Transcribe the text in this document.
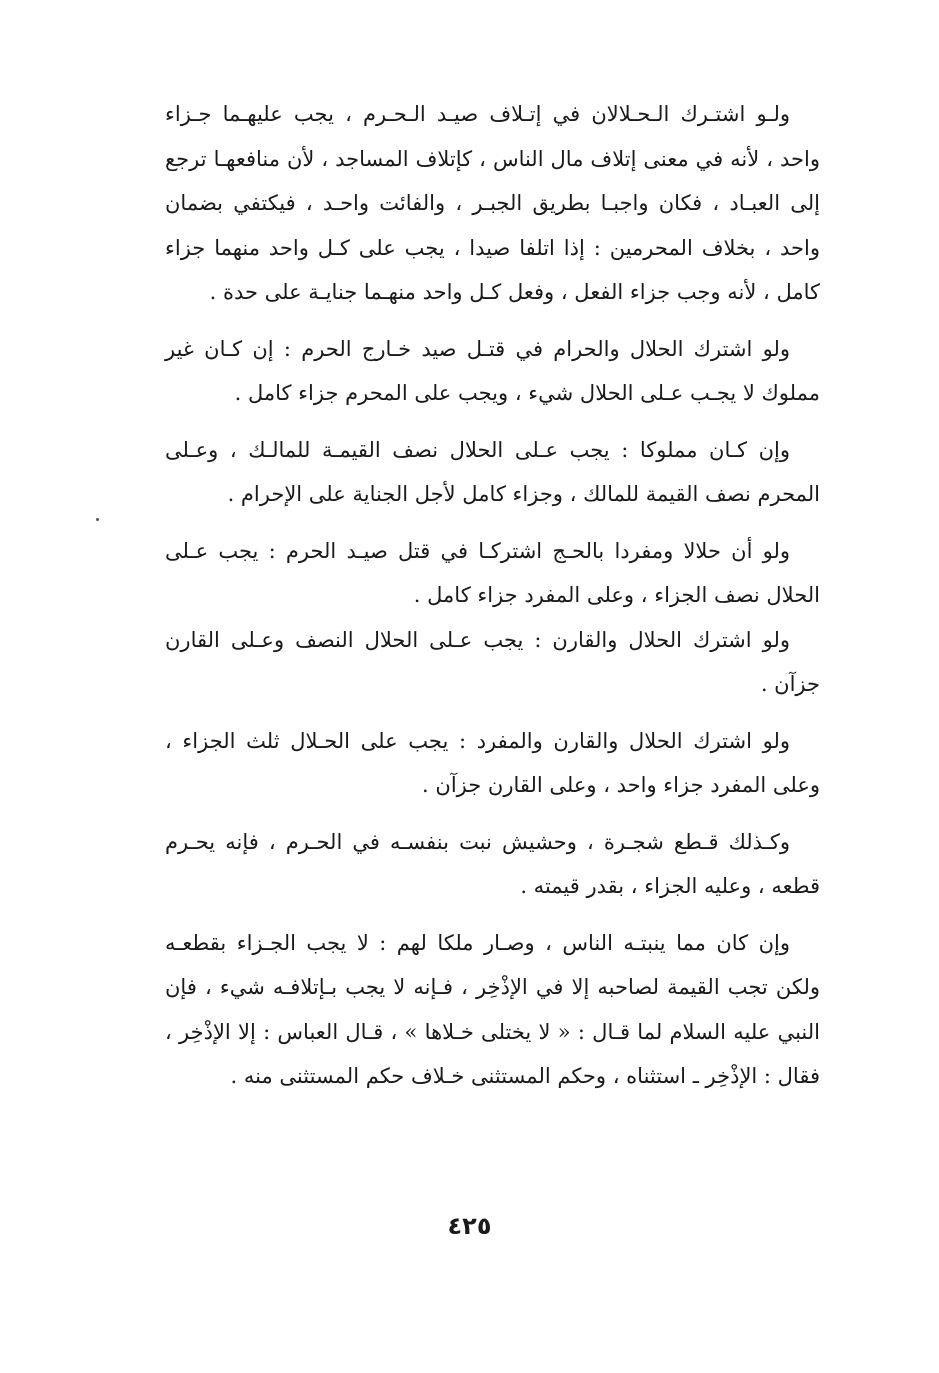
ولـو اشتـرك الـحـلالان في إتـلاف صيـد الـحـرم ، يجب عليهـما جـزاء واحد ، لأنه في معنى إتلاف مال الناس ، كإتلاف المساجد ، لأن منافعهـا ترجع إلى العبـاد ، فكان واجبـا بطريق الجبـر ، والفائت واحـد ، فيكتفي بضمان واحد ، بخلاف المحرمين : إذا اتلفا صيدا ، يجب على كـل واحد منهما جزاء كامل ، لأنه وجب جزاء الفعل ، وفعل كـل واحد منهـما جنايـة على حدة .

ولو اشترك الحلال والحرام في قتـل صيد خـارج الحرم : إن كـان غير مملوك لا يجـب عـلى الحلال شيء ، ويجب على المحرم جزاء كامل .

وإن كـان مملوكا : يجب عـلى الحلال نصف القيمـة للمالـك ، وعـلى المحرم نصف القيمة للمالك ، وجزاء كامل لأجل الجناية على الإحرام .

ولو أن حلالا ومفردا بالحـج اشتركـا في قتل صيـد الحرم : يجب عـلى الحلال نصف الجزاء ، وعلى المفرد جزاء كامل .

ولو اشترك الحلال والقارن : يجب عـلى الحلال النصف وعـلى القارن جزآن .

ولو اشترك الحلال والقارن والمفرد : يجب على الحـلال ثلث الجزاء ، وعلى المفرد جزاء واحد ، وعلى القارن جزآن .

وكـذلك قـطع شجـرة ، وحشيش نبت بنفسـه في الحـرم ، فإنه يحـرم قطعه ، وعليه الجزاء ، بقدر قيمته .

وإن كان مما ينبتـه الناس ، وصـار ملكا لهم : لا يجب الجـزاء بقطعـه ولكن تجب القيمة لصاحبه إلا في الإذْخِر ، فـإنه لا يجب بـإتلافـه شيء ، فإن النبي عليه السلام لما قـال : « لا يختلى خـلاها » ، قـال العباس : إلا الإذْخِر ، فقال : الإذْخِر ـ استثناه ، وحكم المستثنى خـلاف حكم المستثنى منه .

٤٢٥
